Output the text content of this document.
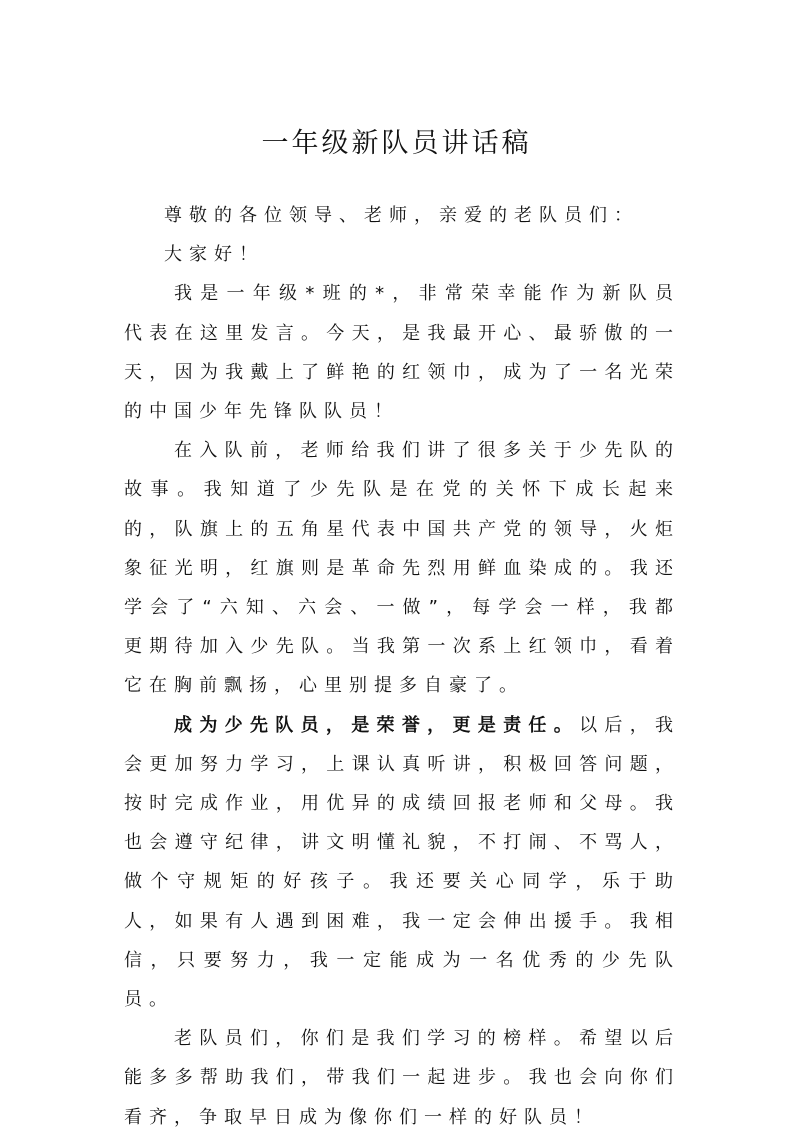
一年级新队员讲话稿

尊敬的各位领导、老师，亲爱的老队员们：

大家好！

我是一年级*班的*，非常荣幸能作为新队员代表在这里发言。今天，是我最开心、最骄傲的一天，因为我戴上了鲜艳的红领巾，成为了一名光荣的中国少年先锋队队员！

在入队前，老师给我们讲了很多关于少先队的故事。我知道了少先队是在党的关怀下成长起来的，队旗上的五角星代表中国共产党的领导，火炬象征光明，红旗则是革命先烈用鲜血染成的。我还学会了“六知、六会、一做”，每学会一样，我都更期待加入少先队。当我第一次系上红领巾，看着它在胸前飘扬，心里别提多自豪了。

成为少先队员，是荣誉，更是责任。以后，我会更加努力学习，上课认真听讲，积极回答问题，按时完成作业，用优异的成绩回报老师和父母。我也会遵守纪律，讲文明懂礼貌，不打闹、不骂人，做个守规矩的好孩子。我还要关心同学，乐于助人，如果有人遇到困难，我一定会伸出援手。我相信，只要努力，我一定能成为一名优秀的少先队员。

老队员们，你们是我们学习的榜样。希望以后能多多帮助我们，带我们一起进步。我也会向你们看齐，争取早日成为像你们一样的好队员！
